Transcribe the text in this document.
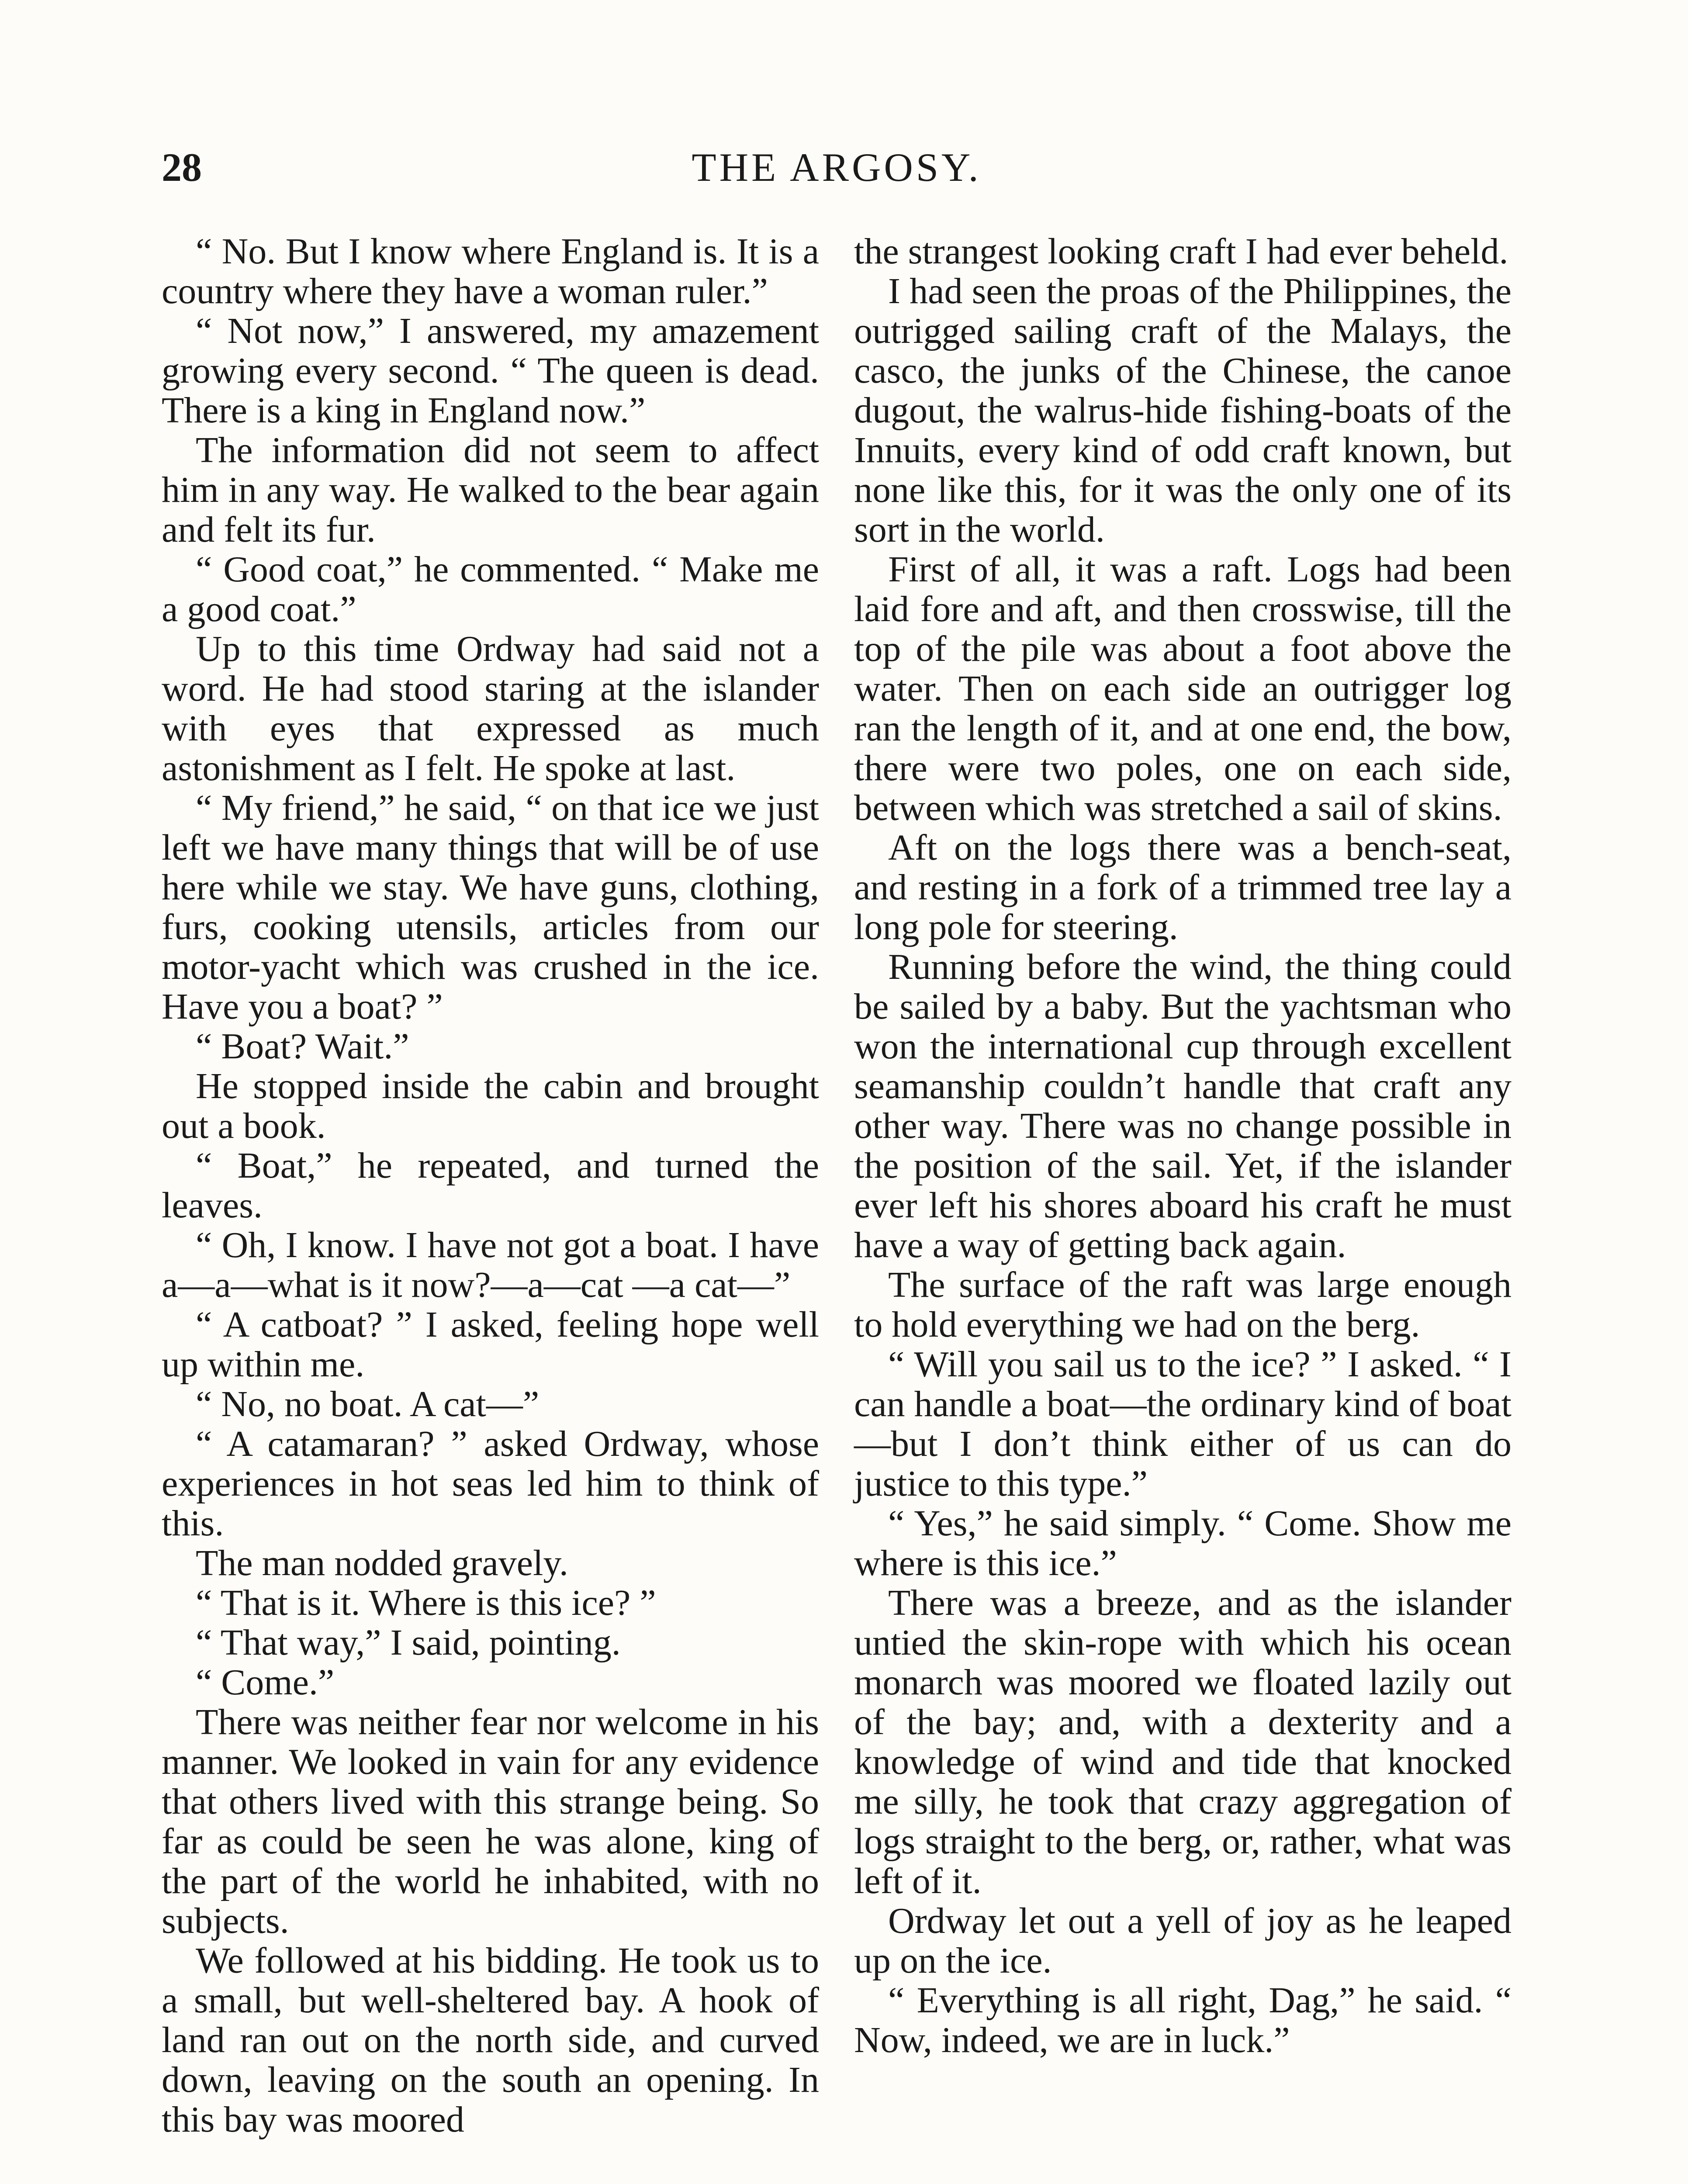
28	THE ARGOSY.

“ No. But I know where England is. It is a country where they have a woman ruler.”

“ Not now,” I answered, my amazement growing every second. “ The queen is dead. There is a king in England now.”

The information did not seem to affect him in any way. He walked to the bear again and felt its fur.

“ Good coat,” he commented. “ Make me a good coat.”

Up to this time Ordway had said not a word. He had stood staring at the islander with eyes that expressed as much astonishment as I felt. He spoke at last.

“ My friend,” he said, “ on that ice we just left we have many things that will be of use here while we stay. We have guns, clothing, furs, cooking utensils, articles from our motor-yacht which was crushed in the ice. Have you a boat? ”

“ Boat? Wait.”

He stopped inside the cabin and brought out a book.

“ Boat,” he repeated, and turned the leaves.

“ Oh, I know. I have not got a boat. I have a—a—what is it now?—a—cat —a cat—”

“ A catboat? ” I asked, feeling hope well up within me.

“ No, no boat. A cat—”

“ A catamaran? ” asked Ordway, whose experiences in hot seas led him to think of this.

The man nodded gravely.

“ That is it. Where is this ice? ”

“ That way,” I said, pointing.

“ Come.”

There was neither fear nor welcome in his manner. We looked in vain for any evidence that others lived with this strange being. So far as could be seen he was alone, king of the part of the world he inhabited, with no subjects.

We followed at his bidding. He took us to a small, but well-sheltered bay. A hook of land ran out on the north side, and curved down, leaving on the south an opening. In this bay was moored

the strangest looking craft I had ever beheld.

I had seen the proas of the Philippines, the outrigged sailing craft of the Malays, the casco, the junks of the Chinese, the canoe dugout, the walrus-hide fishing-boats of the Innuits, every kind of odd craft known, but none like this, for it was the only one of its sort in the world.

First of all, it was a raft. Logs had been laid fore and aft, and then crosswise, till the top of the pile was about a foot above the water. Then on each side an outrigger log ran the length of it, and at one end, the bow, there were two poles, one on each side, between which was stretched a sail of skins.

Aft on the logs there was a bench-seat, and resting in a fork of a trimmed tree lay a long pole for steering.

Running before the wind, the thing could be sailed by a baby. But the yachtsman who won the international cup through excellent seamanship couldn’t handle that craft any other way. There was no change possible in the position of the sail. Yet, if the islander ever left his shores aboard his craft he must have a way of getting back again.

The surface of the raft was large enough to hold everything we had on the berg.

“ Will you sail us to the ice? ” I asked. “ I can handle a boat—the ordinary kind of boat—but I don’t think either of us can do justice to this type.”

“ Yes,” he said simply. “ Come. Show me where is this ice.”

There was a breeze, and as the islander untied the skin-rope with which his ocean monarch was moored we floated lazily out of the bay; and, with a dexterity and a knowledge of wind and tide that knocked me silly, he took that crazy aggregation of logs straight to the berg, or, rather, what was left of it.

Ordway let out a yell of joy as he leaped up on the ice.

“ Everything is all right, Dag,” he said. “ Now, indeed, we are in luck.”
